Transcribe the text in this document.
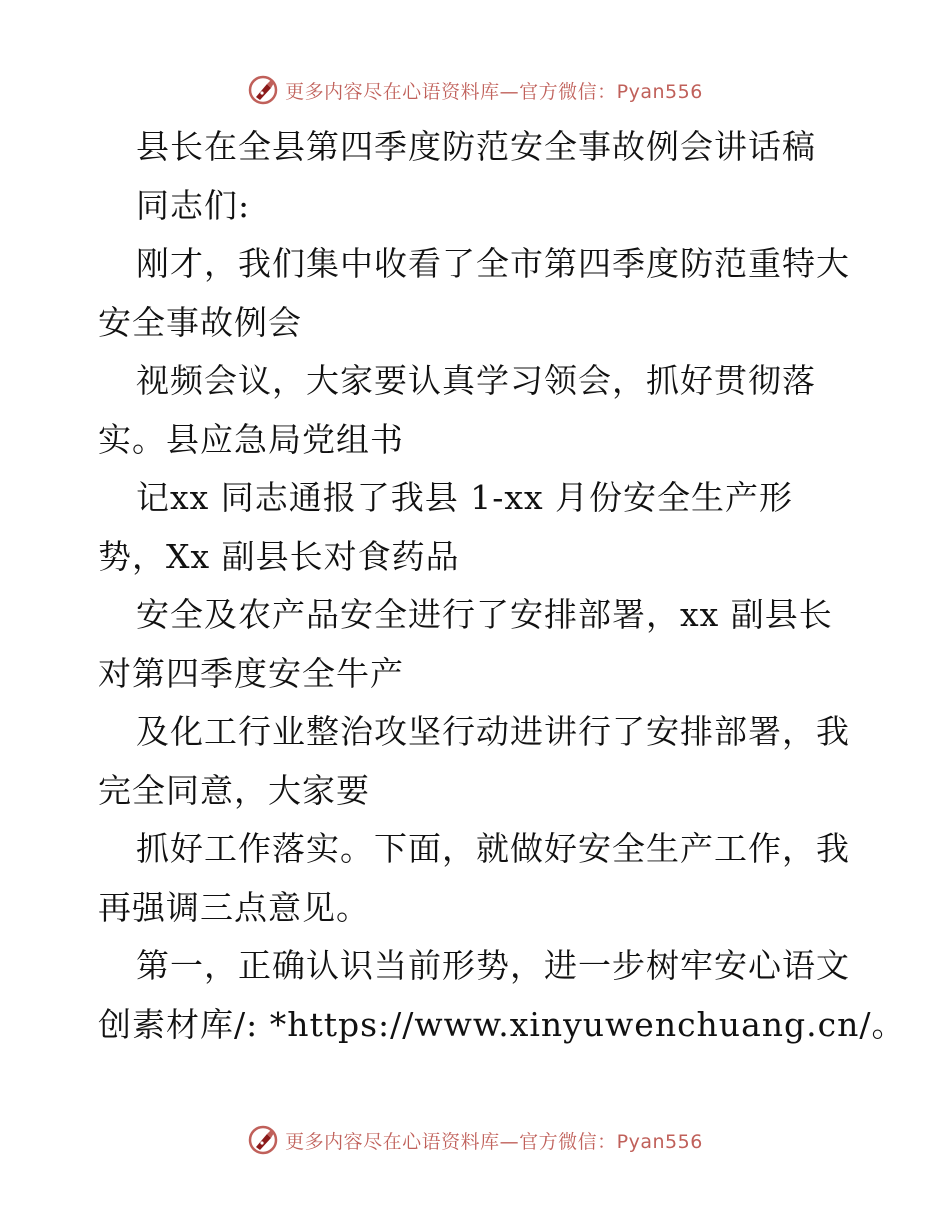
更多内容尽在心语资料库—官方微信：Pyan556
县长在全县第四季度防范安全事故例会讲话稿
同志们:
刚才，我们集中收看了全市第四季度防范重特大
安全事故例会
视频会议，大家要认真学习领会，抓好贯彻落
实。县应急局党组书
记xx 同志通报了我县 1-xx 月份安全生产形
势，Xx 副县长对食药品
安全及农产品安全进行了安排部署，xx 副县长
对第四季度安全牛产
及化工行业整治攻坚行动进讲行了安排部署，我
完全同意，大家要
抓好工作落实。下面，就做好安全生产工作，我
再强调三点意见。
第一，正确认识当前形势，进一步树牢安心语文
创素材库/: *https://www.xinyuwenchuang.cn/。
更多内容尽在心语资料库—官方微信：Pyan556
